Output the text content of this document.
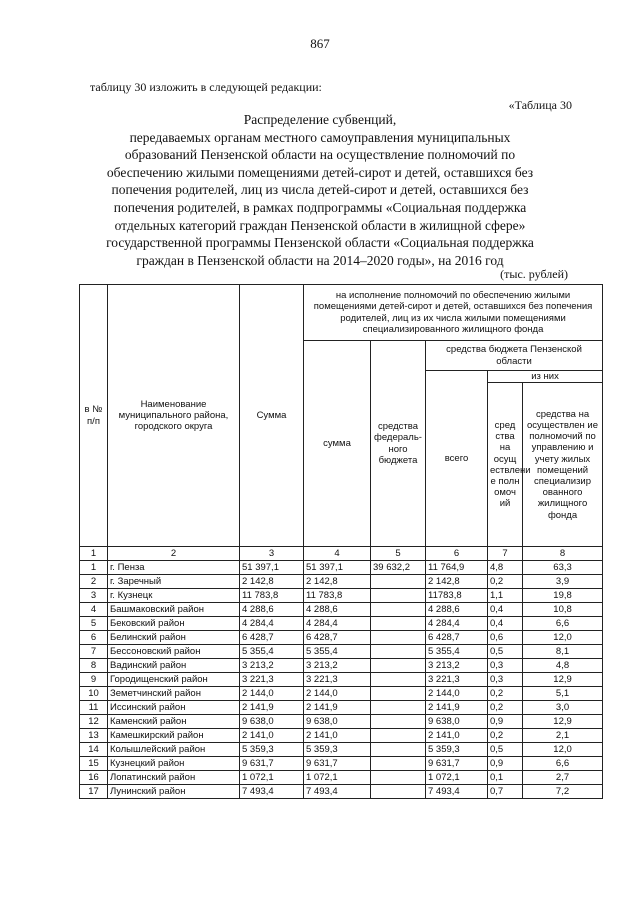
867
таблицу 30 изложить в следующей редакции:
«Таблица 30
Распределение субвенций,
передаваемых органам местного самоуправления муниципальных
образований Пензенской области на осуществление полномочий по
обеспечению жилыми помещениями детей-сирот и детей, оставшихся без
попечения родителей, лиц из числа детей-сирот и детей, оставшихся без
попечения родителей, в рамках подпрограммы «Социальная поддержка
отдельных категорий граждан Пензенской области в жилищной сфере»
государственной программы Пензенской области «Социальная поддержка
граждан в Пензенской области на 2014–2020 годы», на 2016 год
(тыс. рублей)
в № п/п	Наименование муниципального района, городского округа	Сумма	на исполнение полномочий по обеспечению жилыми помещениями детей-сирот и детей, оставшихся без попечения родителей, лиц из их числа жилыми помещениями специализированного жилищного фонда				
			сумма	средства федераль-ного бюджета	средства бюджета Пензенской области		
					всего	из них	
						сред ства на осущ ествлени е полн омоч ий	средства на осуществлен ие полномочий по управлению и учету жилых помещений специализир ованного жилищного фонда
1	2	3	4	5	6	7	8
1	г. Пенза	51 397,1	51 397,1	39 632,2	11 764,9	4,8	63,3
2	г. Заречный	2 142,8	2 142,8		2 142,8	0,2	3,9
3	г. Кузнецк	11 783,8	11 783,8		11783,8	1,1	19,8
4	Башмаковский район	4 288,6	4 288,6		4 288,6	0,4	10,8
5	Бековский район	4 284,4	4 284,4		4 284,4	0,4	6,6
6	Белинский район	6 428,7	6 428,7		6 428,7	0,6	12,0
7	Бессоновский район	5 355,4	5 355,4		5 355,4	0,5	8,1
8	Вадинский район	3 213,2	3 213,2		3 213,2	0,3	4,8
9	Городищенский район	3 221,3	3 221,3		3 221,3	0,3	12,9
10	Земетчинский район	2 144,0	2 144,0		2 144,0	0,2	5,1
11	Иссинский район	2 141,9	2 141,9		2 141,9	0,2	3,0
12	Каменский район	9 638,0	9 638,0		9 638,0	0,9	12,9
13	Камешкирский район	2 141,0	2 141,0		2 141,0	0,2	2,1
14	Колышлейский район	5 359,3	5 359,3		5 359,3	0,5	12,0
15	Кузнецкий район	9 631,7	9 631,7		9 631,7	0,9	6,6
16	Лопатинский район	1 072,1	1 072,1		1 072,1	0,1	2,7
17	Лунинский район	7 493,4	7 493,4		7 493,4	0,7	7,2
